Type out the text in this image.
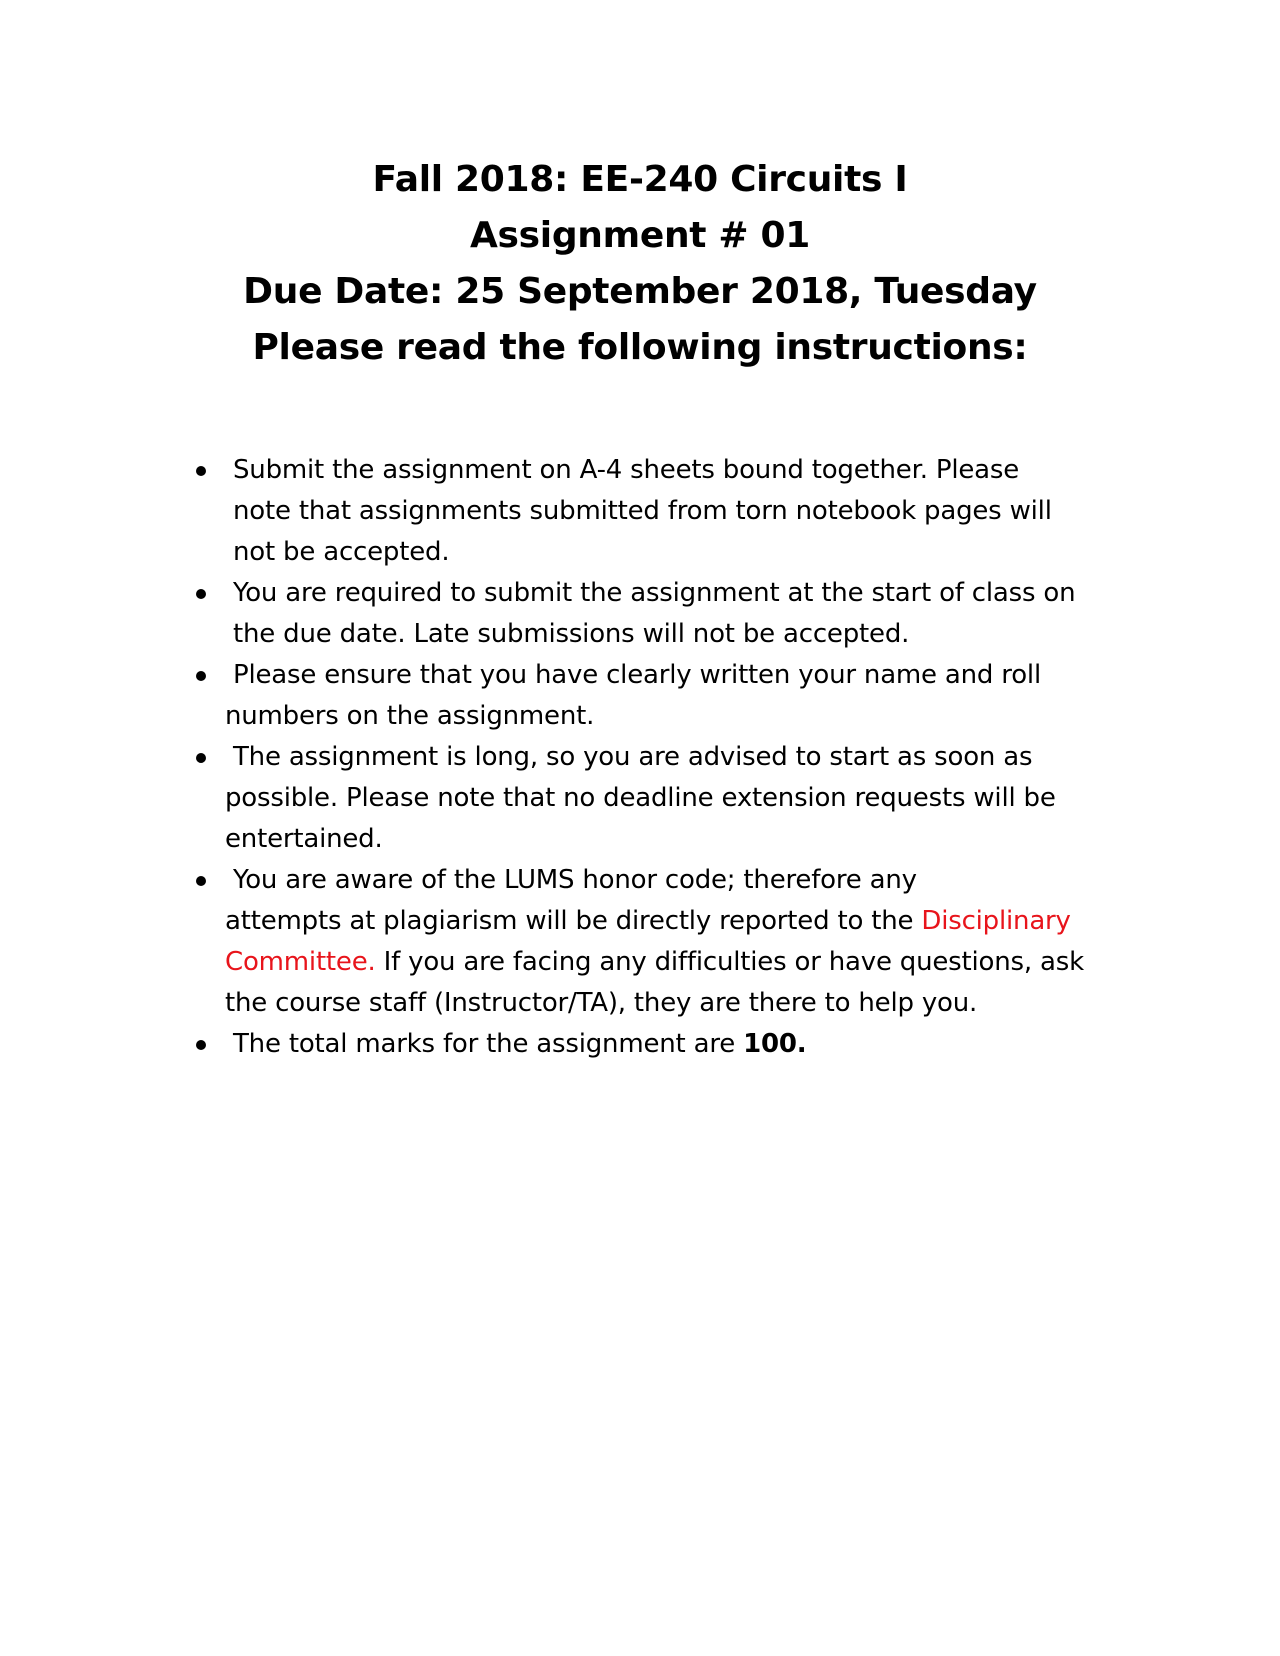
Fall 2018: EE-240 Circuits I
Assignment # 01
Due Date: 25 September 2018, Tuesday
Please read the following instructions:
Submit the assignment on A-4 sheets bound together. Please
note that assignments submitted from torn notebook pages will
not be accepted.
You are required to submit the assignment at the start of class on
the due date. Late submissions will not be accepted.
Please ensure that you have clearly written your name and roll
numbers on the assignment.
The assignment is long, so you are advised to start as soon as
possible. Please note that no deadline extension requests will be
entertained.
You are aware of the LUMS honor code; therefore any
attempts at plagiarism will be directly reported to the Disciplinary
Committee. If you are facing any difficulties or have questions, ask
the course staff (Instructor/TA), they are there to help you.
The total marks for the assignment are 100.
